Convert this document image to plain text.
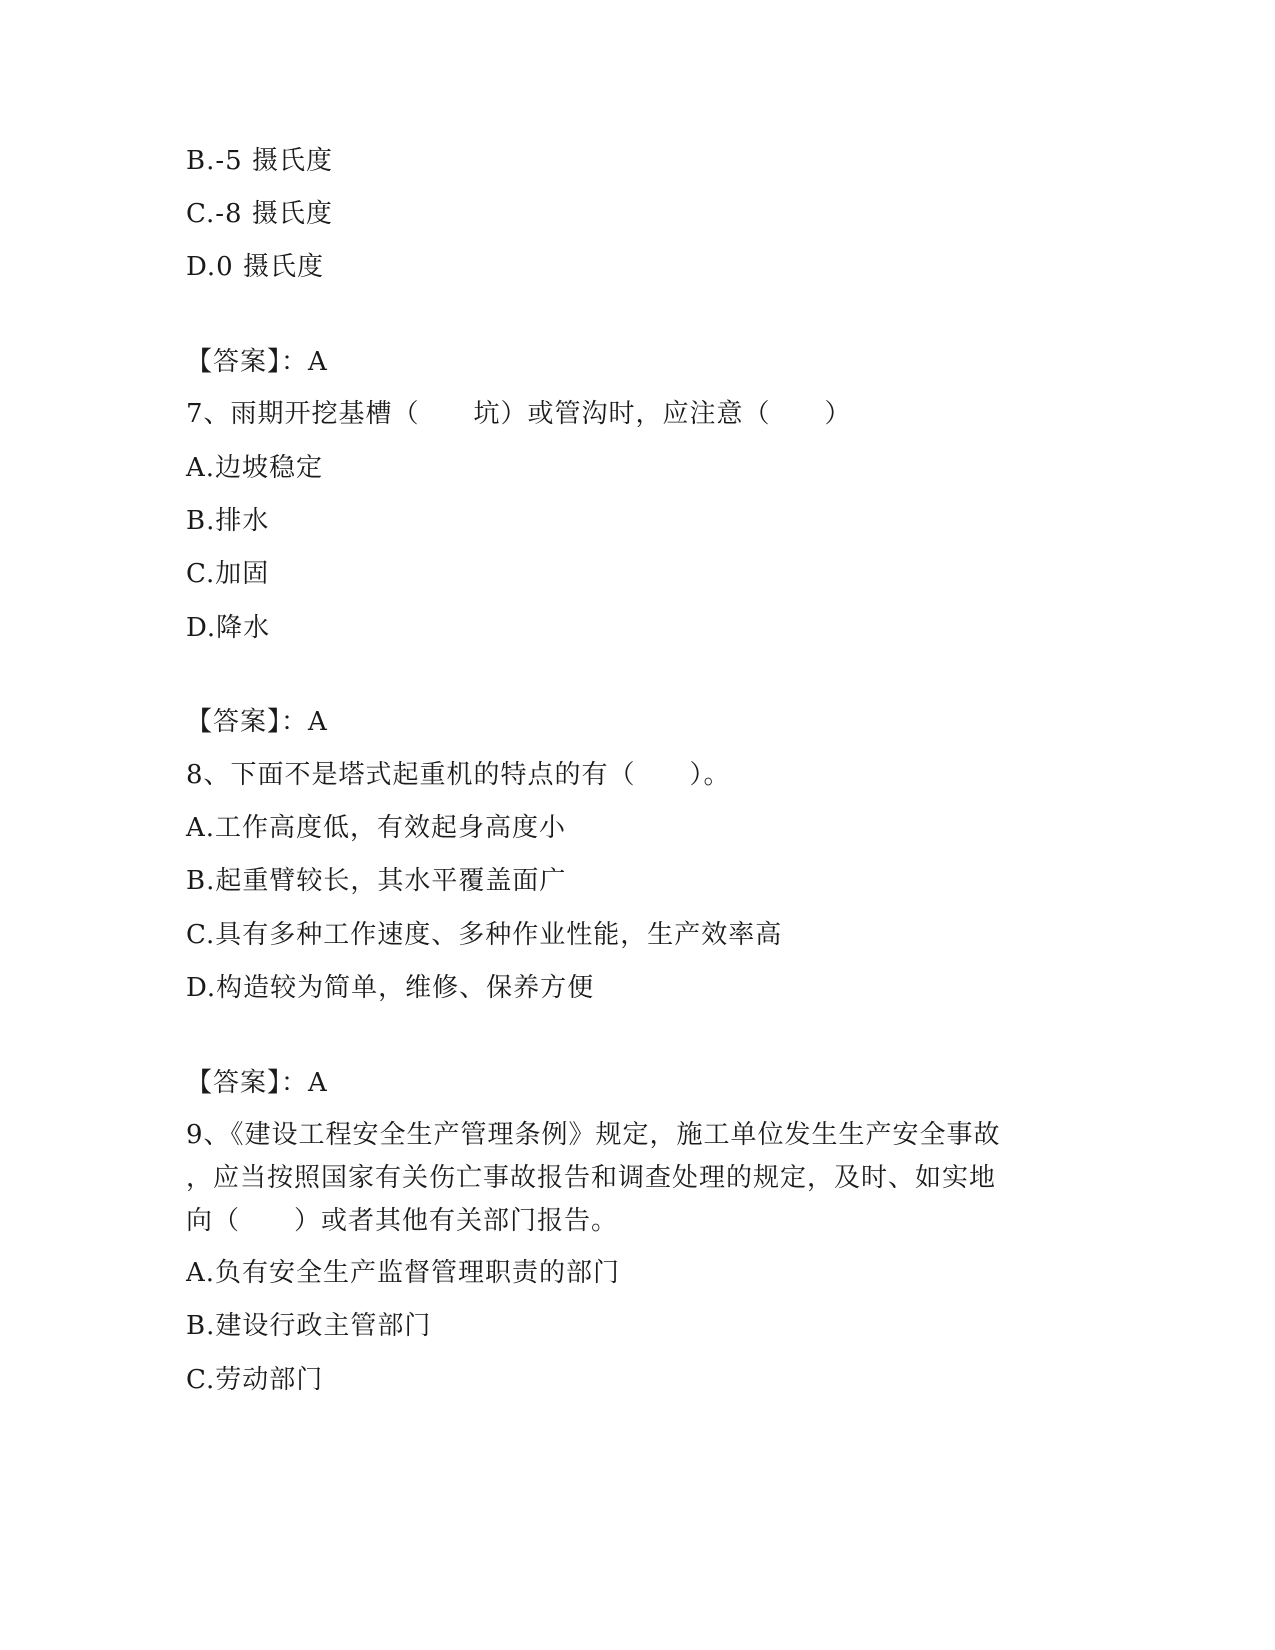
B.-5 摄氏度
C.-8 摄氏度
D.0 摄氏度
【答案】：A
7、雨期开挖基槽（　　坑）或管沟时，应注意（　　）
A.边坡稳定
B.排水
C.加固
D.降水
【答案】：A
8、下面不是塔式起重机的特点的有（　　）。
A.工作高度低，有效起身高度小
B.起重臂较长，其水平覆盖面广
C.具有多种工作速度、多种作业性能，生产效率高
D.构造较为简单，维修、保养方便
【答案】：A
9、《建设工程安全生产管理条例》规定，施工单位发生生产安全事故
，应当按照国家有关伤亡事故报告和调查处理的规定，及时、如实地
向（　　）或者其他有关部门报告。
A.负有安全生产监督管理职责的部门
B.建设行政主管部门
C.劳动部门
